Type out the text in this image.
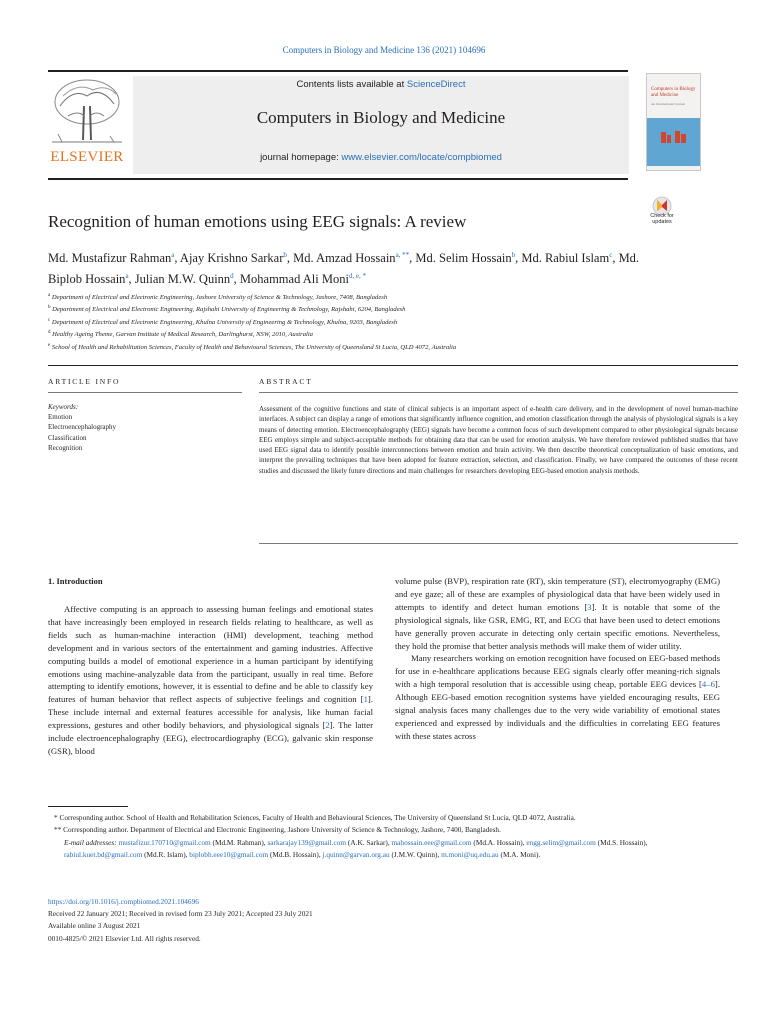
Computers in Biology and Medicine 136 (2021) 104696
ELSEVIER
Contents lists available at ScienceDirect
Computers in Biology and Medicine
journal homepage: www.elsevier.com/locate/compbiomed
Computers in Biology and Medicine
An International Journal
Check for updates
Recognition of human emotions using EEG signals: A review
Md. Mustafizur Rahman$^a$, Ajay Krishno Sarkar$^b$, Md. Amzad Hossain$^{a, **}$, Md. Selim Hossain$^b$, Md. Rabiul Islam$^c$, Md. Biplob Hossain$^a$, Julian M.W. Quinn$^d$, Mohammad Ali Moni$^{d, e, *}$
$^a$ Department of Electrical and Electronic Engineering, Jashore University of Science & Technology, Jashore, 7408, Bangladesh
$^b$ Department of Electrical and Electronic Engineering, Rajshahi University of Engineering & Technology, Rajshahi, 6204, Bangladesh
$^c$ Department of Electrical and Electronic Engineering, Khulna University of Engineering & Technology, Khulna, 9203, Bangladesh
$^d$ Healthy Ageing Theme, Garvan Institute of Medical Research, Darlinghurst, NSW, 2010, Australia
$^e$ School of Health and Rehabilitation Sciences, Faculty of Health and Behavioural Sciences, The University of Queensland St Lucia, QLD 4072, Australia
ARTICLE INFO
Keywords:
Emotion
Electroencephalography
Classification
Recognition
ABSTRACT
Assessment of the cognitive functions and state of clinical subjects is an important aspect of e-health care delivery, and in the development of novel human-machine interfaces. A subject can display a range of emotions that significantly influence cognition, and emotion classification through the analysis of physiological signals is a key means of detecting emotion. Electroencephalography (EEG) signals have become a common focus of such development compared to other physiological signals because EEG employs simple and subject-acceptable methods for obtaining data that can be used for emotion analysis. We have therefore reviewed published studies that have used EEG signal data to identify possible interconnections between emotion and brain activity. We then describe theoretical conceptualization of basic emotions, and interpret the prevailing techniques that have been adopted for feature extraction, selection, and classification. Finally, we have compared the outcomes of these recent studies and discussed the likely future directions and main challenges for researchers developing EEG-based emotion analysis methods.
1. Introduction
Affective computing is an approach to assessing human feelings and emotional states that have increasingly been employed in research fields relating to healthcare, as well as fields such as human-machine interaction (HMI) development, teaching method development and in various sectors of the entertainment and gaming industries. Affective computing builds a model of emotional experience in a human participant by identifying emotions using machine-analyzable data from the participant, usually in real time. Before attempting to identify emotions, however, it is essential to define and be able to classify key features of human behavior that reflect aspects of subjective feelings and cognition [1]. These include internal and external features accessible for analysis, like human facial expressions, gestures and other bodily behaviors, and physiological signals [2]. The latter include electroencephalography (EEG), electrocardiography (ECG), galvanic skin response (GSR), blood

volume pulse (BVP), respiration rate (RT), skin temperature (ST), electromyography (EMG) and eye gaze; all of these are examples of physiological data that have been widely used in attempts to identify and detect human emotions [3]. It is notable that some of the physiological signals, like GSR, EMG, RT, and ECG that have been used to detect emotions have generally proven accurate in detecting only certain specific emotions. Nevertheless, they hold the promise that better analysis methods will make them of wider utility.

Many researchers working on emotion recognition have focused on EEG-based methods for use in e-healthcare applications because EEG signals clearly offer meaning-rich signals with a high temporal resolution that is accessible using cheap, portable EEG devices [4–6]. Although EEG-based emotion recognition systems have yielded encouraging results, EEG signal analysis faces many challenges due to the very wide variability of emotional states experienced and expressed by individuals and the difficulties in correlating EEG features with these states across

* Corresponding author. School of Health and Rehabilitation Sciences, Faculty of Health and Behavioural Sciences, The University of Queensland St Lucia, QLD 4072, Australia.

** Corresponding author. Department of Electrical and Electronic Engineering, Jashore University of Science & Technology, Jashore, 7400, Bangladesh.

E-mail addresses: mustafizur.170710@gmail.com (Md.M. Rahman), sarkarajay139@gmail.com (A.K. Sarkar), mahossain.eee@gmail.com (Md.A. Hossain), engg.selim@gmail.com (Md.S. Hossain), rabiul.kuet.bd@gmail.com (Md.R. Islam), biplobh.eee10@gmail.com (Md.B. Hossain), j.quinn@garvan.org.au (J.M.W. Quinn), m.moni@uq.edu.au (M.A. Moni).

https://doi.org/10.1016/j.compbiomed.2021.104696

Received 22 January 2021; Received in revised form 23 July 2021; Accepted 23 July 2021

Available online 3 August 2021

0010-4825/© 2021 Elsevier Ltd. All rights reserved.
